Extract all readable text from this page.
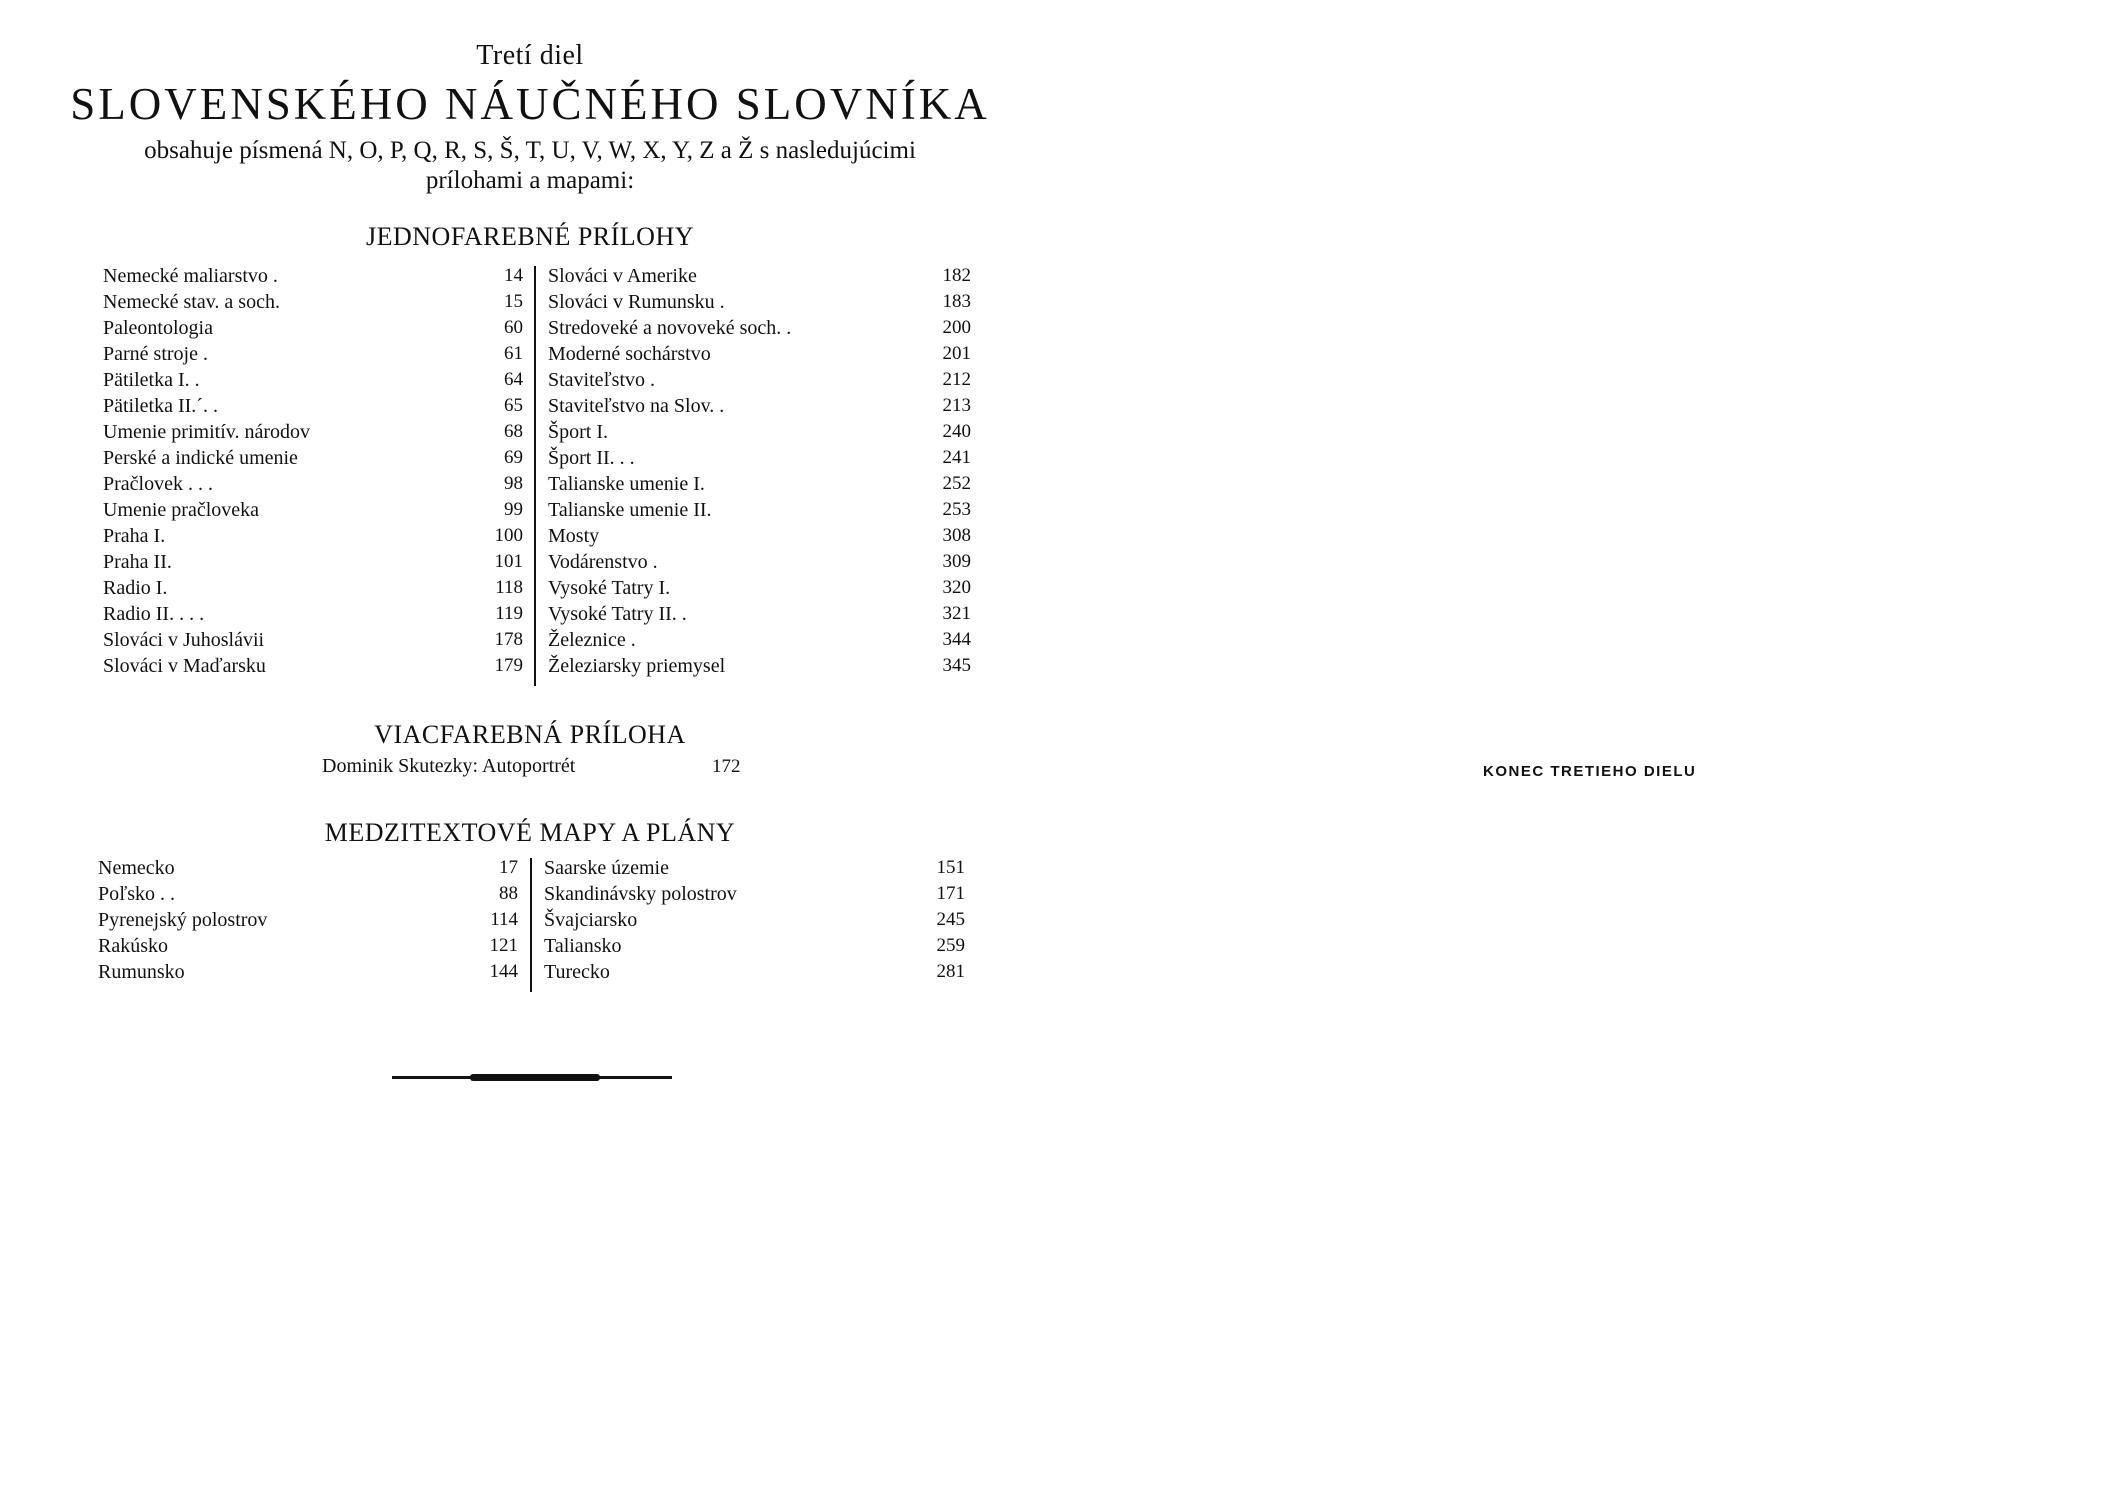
Tretí diel
SLOVENSKÉHO NÁUČNÉHO SLOVNÍKA
obsahuje písmená N, O, P, Q, R, S, Š, T, U, V, W, X, Y, Z a Ž s nasledujúcimi
prílohami a mapami:
JEDNOFAREBNÉ PRÍLOHY
Nemecké maliarstvo .	14
Nemecké stav. a soch.	15
Paleontologia	60
Parné stroje .	61
Pätiletka I. .	64
Pätiletka II.´. .	65
Umenie primitív. národov	68
Perské a indické umenie	69
Pračlovek . . .	98
Umenie pračloveka	99
Praha I.	100
Praha II.	101
Radio I.	118
Radio II. . . .	119
Slováci v Juhoslávii	178
Slováci v Maďarsku	179
Slováci v Amerike	182
Slováci v Rumunsku .	183
Stredoveké a novoveké soch. .	200
Moderné sochárstvo	201
Staviteľstvo .	212
Staviteľstvo na Slov. .	213
Šport I.	240
Šport II. . .	241
Talianske umenie I.	252
Talianske umenie II.	253
Mosty	308
Vodárenstvo .	309
Vysoké Tatry I.	320
Vysoké Tatry II. .	321
Železnice .	344
Železiarsky priemysel	345
VIACFAREBNÁ PRÍLOHA
Dominik Skutezky: Autoportrét	172
MEDZITEXTOVÉ MAPY A PLÁNY
Nemecko	17
Poľsko . .	88
Pyrenejský polostrov	114
Rakúsko	121
Rumunsko	144
Saarske územie	151
Skandinávsky polostrov	171
Švajciarsko	245
Taliansko	259
Turecko	281
KONEC TRETIEHO DIELU
